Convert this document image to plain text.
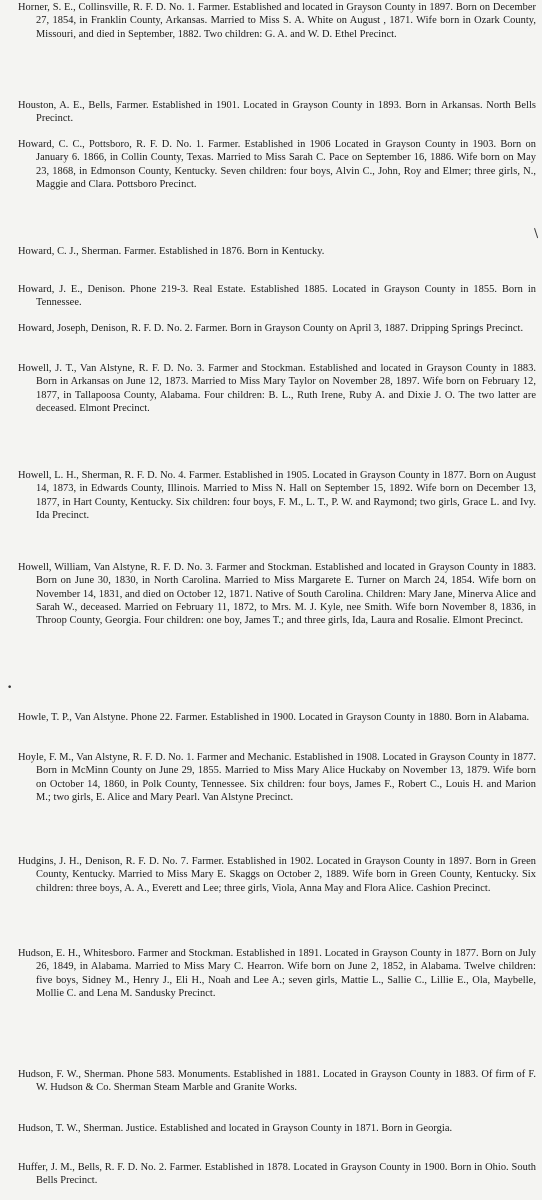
Horner, S. E., Collinsville, R. F. D. No. 1. Farmer. Established and located in Grayson County in 1897. Born on December 27, 1854, in Franklin County, Arkansas. Married to Miss S. A. White on August , 1871. Wife born in Ozark County, Missouri, and died in September, 1882. Two children: G. A. and W. D. Ethel Precinct.

Houston, A. E., Bells, Farmer. Established in 1901. Located in Grayson County in 1893. Born in Arkansas. North Bells Precinct.

Howard, C. C., Pottsboro, R. F. D. No. 1. Farmer. Established in 1906 Located in Grayson County in 1903. Born on January 6. 1866, in Collin County, Texas. Married to Miss Sarah C. Pace on September 16, 1886. Wife born on May 23, 1868, in Edmonson County, Kentucky. Seven children: four boys, Alvin C., John, Roy and Elmer; three girls, N., Maggie and Clara. Pottsboro Precinct.

Howard, C. J., Sherman. Farmer. Established in 1876. Born in Kentucky.

Howard, J. E., Denison. Phone 219-3. Real Estate. Established 1885. Located in Grayson County in 1855. Born in Tennessee.

Howard, Joseph, Denison, R. F. D. No. 2. Farmer. Born in Grayson County on April 3, 1887. Dripping Springs Precinct.

Howell, J. T., Van Alstyne, R. F. D. No. 3. Farmer and Stockman. Established and located in Grayson County in 1883. Born in Arkansas on June 12, 1873. Married to Miss Mary Taylor on November 28, 1897. Wife born on February 12, 1877, in Tallapoosa County, Alabama. Four children: B. L., Ruth Irene, Ruby A. and Dixie J. O. The two latter are deceased. Elmont Precinct.

Howell, L. H., Sherman, R. F. D. No. 4. Farmer. Established in 1905. Located in Grayson County in 1877. Born on August 14, 1873, in Edwards County, Illinois. Married to Miss N. Hall on September 15, 1892. Wife born on December 13, 1877, in Hart County, Kentucky. Six children: four boys, F. M., L. T., P. W. and Raymond; two girls, Grace L. and Ivy. Ida Precinct.

Howell, William, Van Alstyne, R. F. D. No. 3. Farmer and Stockman. Established and located in Grayson County in 1883. Born on June 30, 1830, in North Carolina. Married to Miss Margarete E. Turner on March 24, 1854. Wife born on November 14, 1831, and died on October 12, 1871. Native of South Carolina. Children: Mary Jane, Minerva Alice and Sarah W., deceased. Married on February 11, 1872, to Mrs. M. J. Kyle, nee Smith. Wife born November 8, 1836, in Throop County, Georgia. Four children: one boy, James T.; and three girls, Ida, Laura and Rosalie. Elmont Precinct.

Howle, T. P., Van Alstyne. Phone 22. Farmer. Established in 1900. Located in Grayson County in 1880. Born in Alabama.

Hoyle, F. M., Van Alstyne, R. F. D. No. 1. Farmer and Mechanic. Established in 1908. Located in Grayson County in 1877. Born in McMinn County on June 29, 1855. Married to Miss Mary Alice Huckaby on November 13, 1879. Wife born on October 14, 1860, in Polk County, Tennessee. Six children: four boys, James F., Robert C., Louis H. and Marion M.; two girls, E. Alice and Mary Pearl. Van Alstyne Precinct.

Hudgins, J. H., Denison, R. F. D. No. 7. Farmer. Established in 1902. Located in Grayson County in 1897. Born in Green County, Kentucky. Married to Miss Mary E. Skaggs on October 2, 1889. Wife born in Green County, Kentucky. Six children: three boys, A. A., Everett and Lee; three girls, Viola, Anna May and Flora Alice. Cashion Precinct.

Hudson, E. H., Whitesboro. Farmer and Stockman. Established in 1891. Located in Grayson County in 1877. Born on July 26, 1849, in Alabama. Married to Miss Mary C. Hearron. Wife born on June 2, 1852, in Alabama. Twelve children: five boys, Sidney M., Henry J., Eli H., Noah and Lee A.; seven girls, Mattie L., Sallie C., Lillie E., Ola, Maybelle, Mollie C. and Lena M. Sandusky Precinct.

Hudson, F. W., Sherman. Phone 583. Monuments. Established in 1881. Located in Grayson County in 1883. Of firm of F. W. Hudson & Co. Sherman Steam Marble and Granite Works.

Hudson, T. W., Sherman. Justice. Established and located in Grayson County in 1871. Born in Georgia.

Huffer, J. M., Bells, R. F. D. No. 2. Farmer. Established in 1878. Located in Grayson County in 1900. Born in Ohio. South Bells Precinct.

/
•
